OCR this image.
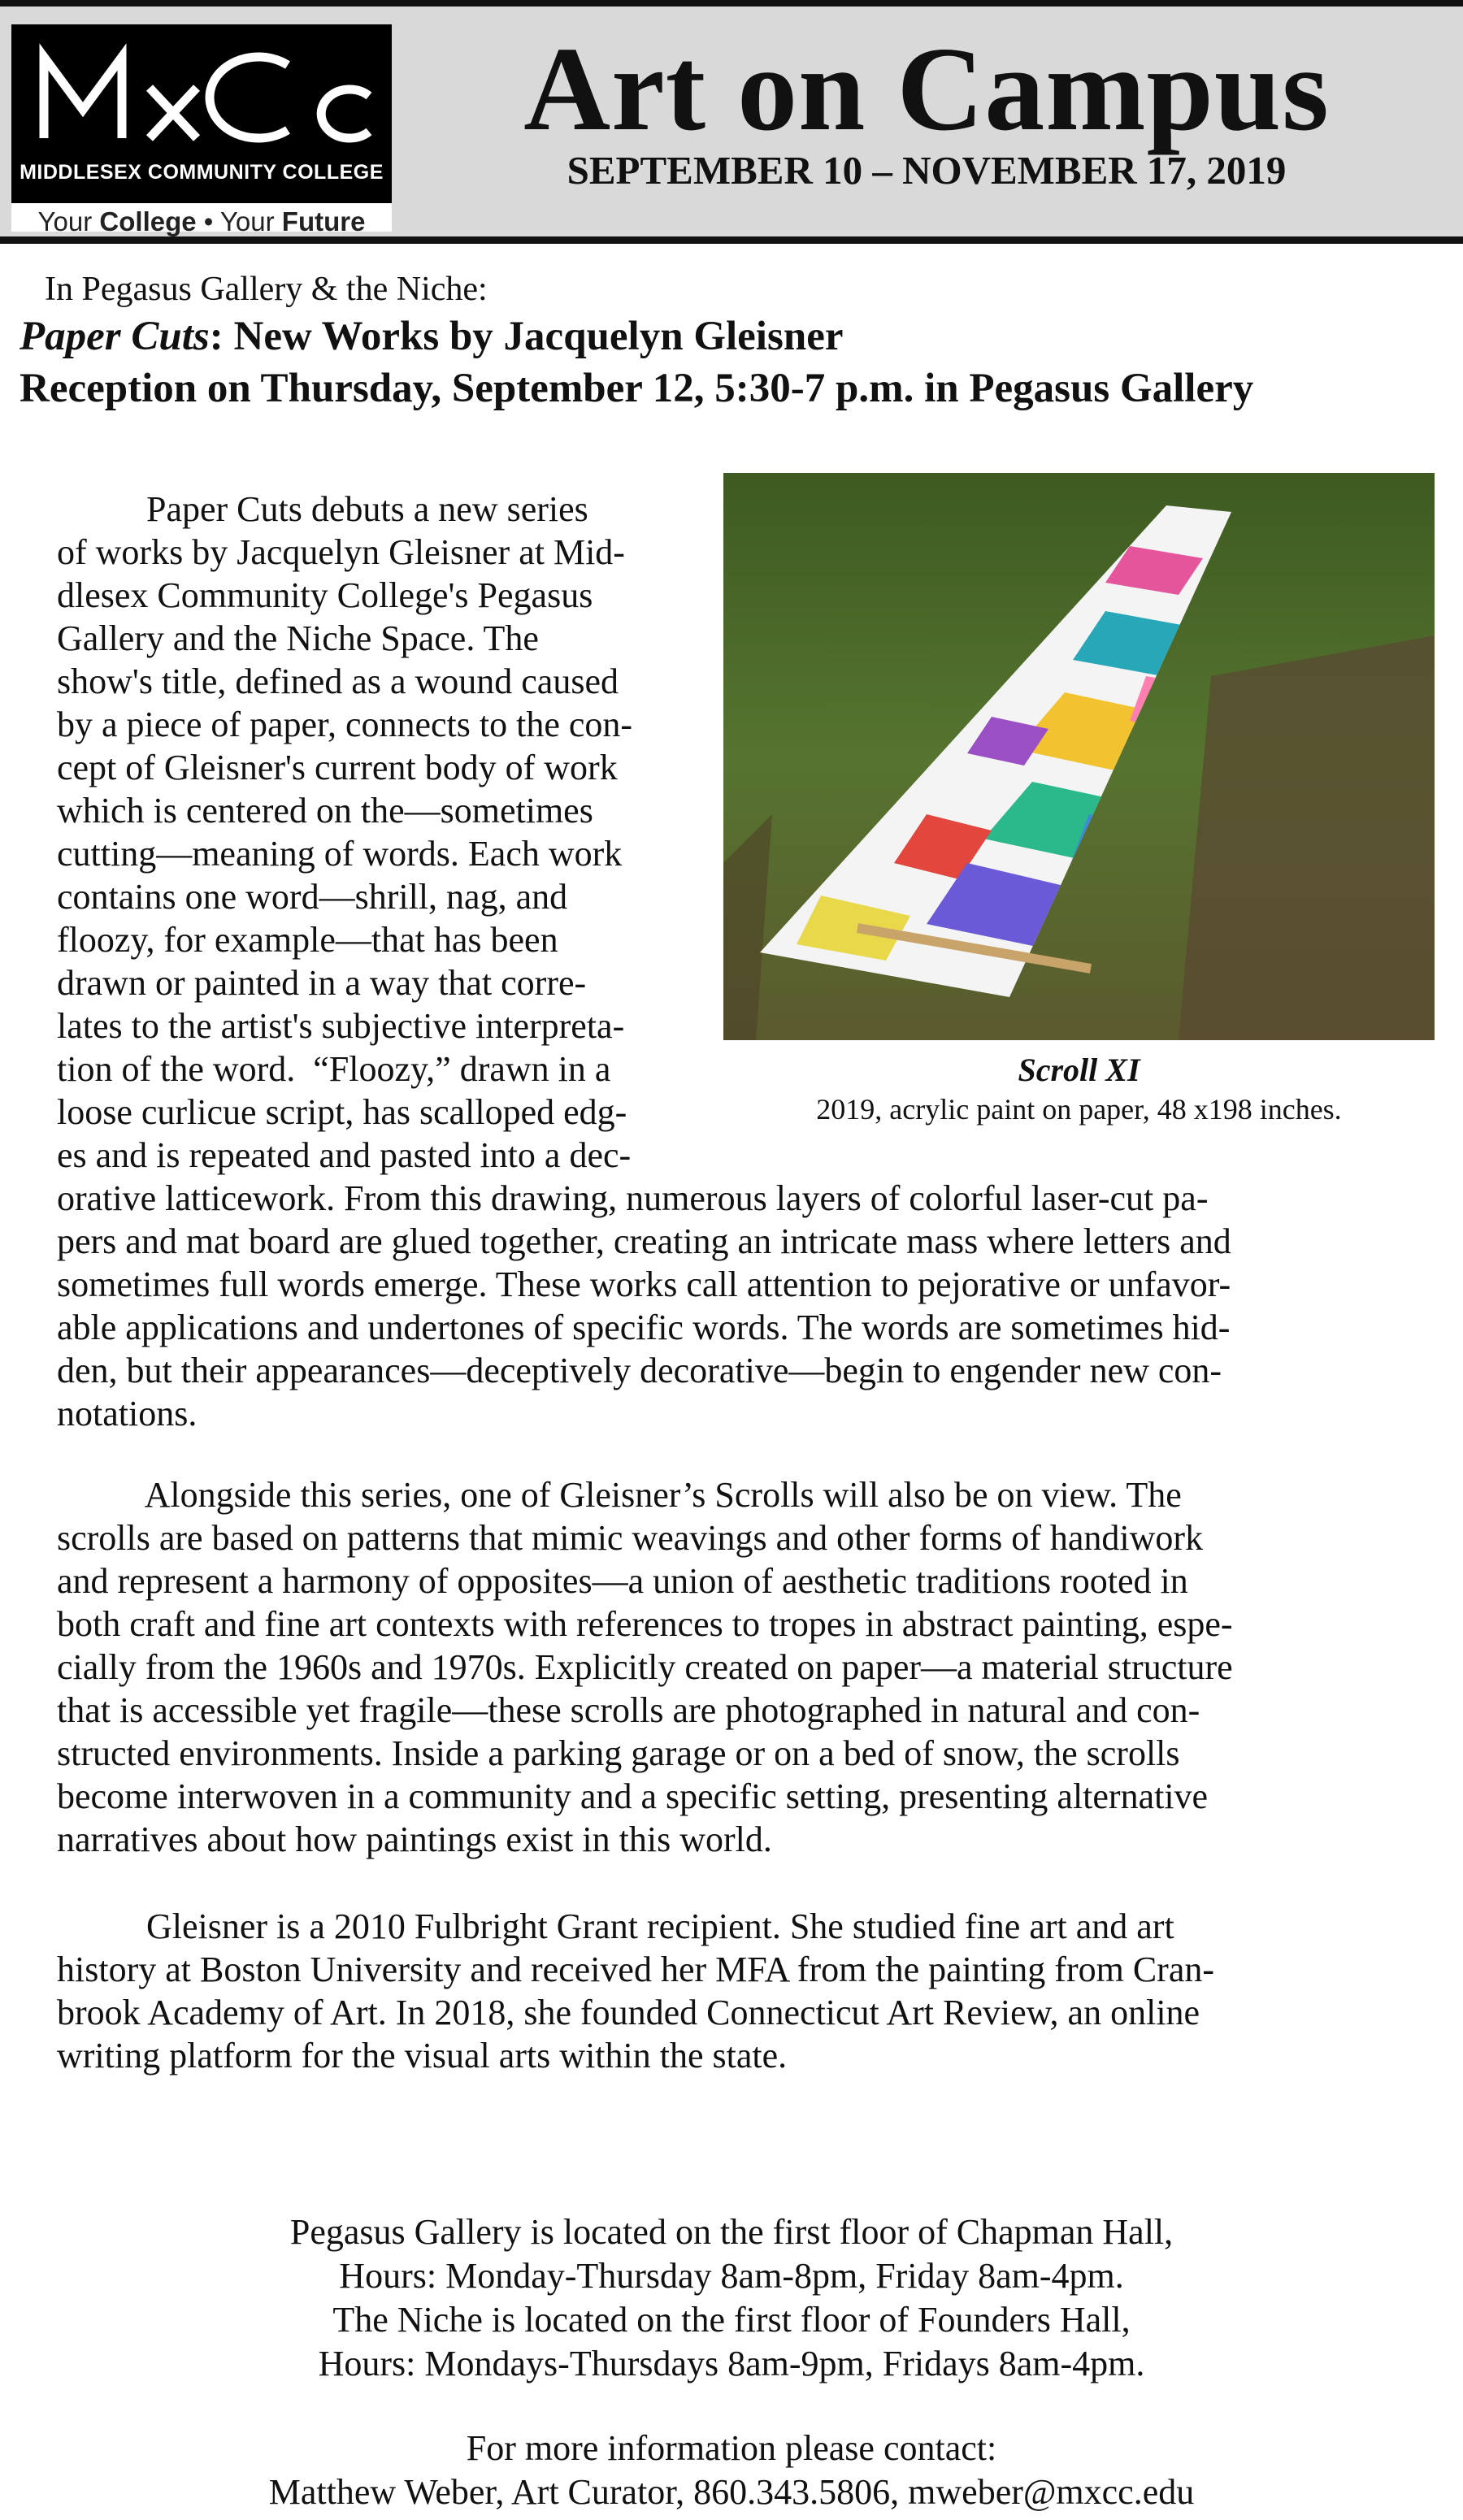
MIDDLESEX COMMUNITY COLLEGE
Your College • Your Future
Art on Campus
SEPTEMBER 10 – NOVEMBER 17, 2019
In Pegasus Gallery & the Niche:
Paper Cuts: New Works by Jacquelyn Gleisner
Reception on Thursday, September 12, 5:30-7 p.m. in Pegasus Gallery
Scroll XI
2019, acrylic paint on paper, 48 x198 inches.
Paper Cuts debuts a new series
of works by Jacquelyn Gleisner at Mid-
dlesex Community College's Pegasus
Gallery and the Niche Space. The
show's title, defined as a wound caused
by a piece of paper, connects to the con-
cept of Gleisner's current body of work
which is centered on the—sometimes
cutting—meaning of words. Each work
contains one word—shrill, nag, and
floozy, for example—that has been
drawn or painted in a way that corre-
lates to the artist's subjective interpreta-
tion of the word.  “Floozy,” drawn in a
loose curlicue script, has scalloped edg-
es and is repeated and pasted into a dec-
orative latticework. From this drawing, numerous layers of colorful laser-cut pa-
pers and mat board are glued together, creating an intricate mass where letters and
sometimes full words emerge. These works call attention to pejorative or unfavor-
able applications and undertones of specific words. The words are sometimes hid-
den, but their appearances—deceptively decorative—begin to engender new con-
notations.
Alongside this series, one of Gleisner’s Scrolls will also be on view. The
scrolls are based on patterns that mimic weavings and other forms of handiwork
and represent a harmony of opposites—a union of aesthetic traditions rooted in
both craft and fine art contexts with references to tropes in abstract painting, espe-
cially from the 1960s and 1970s. Explicitly created on paper—a material structure
that is accessible yet fragile—these scrolls are photographed in natural and con-
structed environments. Inside a parking garage or on a bed of snow, the scrolls
become interwoven in a community and a specific setting, presenting alternative
narratives about how paintings exist in this world.
Gleisner is a 2010 Fulbright Grant recipient. She studied fine art and art
history at Boston University and received her MFA from the painting from Cran-
brook Academy of Art. In 2018, she founded Connecticut Art Review, an online
writing platform for the visual arts within the state.
Pegasus Gallery is located on the first floor of Chapman Hall,
Hours: Monday-Thursday 8am-8pm, Friday 8am-4pm.
The Niche is located on the first floor of Founders Hall,
Hours: Mondays-Thursdays 8am-9pm, Fridays 8am-4pm.
For more information please contact:
Matthew Weber, Art Curator, 860.343.5806, mweber@mxcc.edu
